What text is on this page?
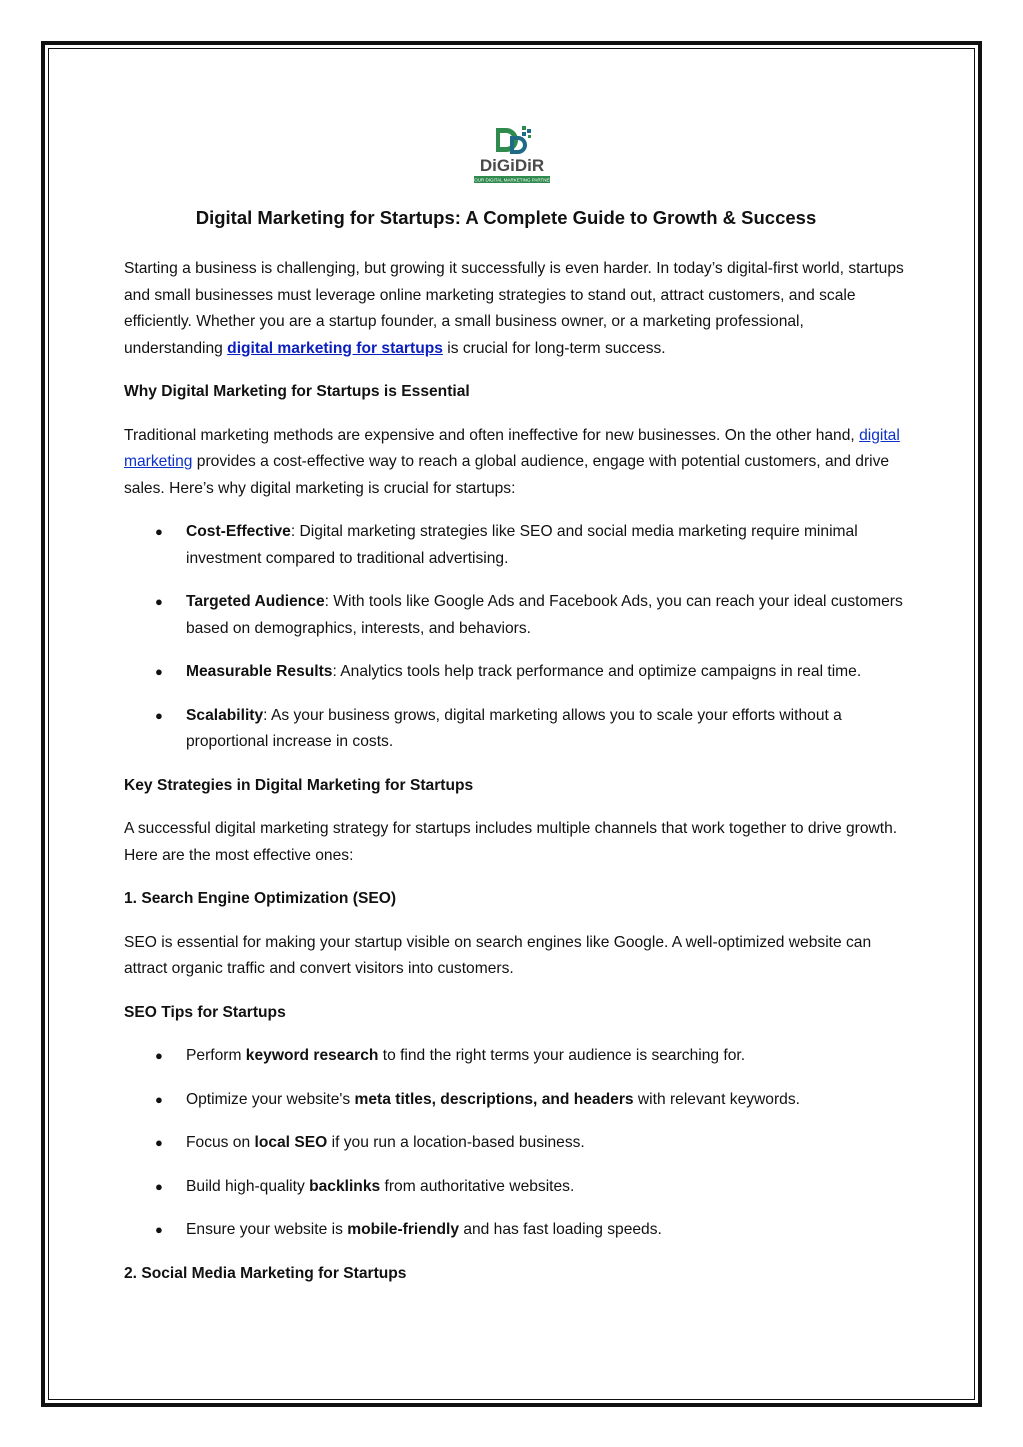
DiGiDiR
YOUR DIGITAL MARKETING PARTNER
Digital Marketing for Startups: A Complete Guide to Growth & Success

Starting a business is challenging, but growing it successfully is even harder. In today’s digital-first world, startups and small businesses must leverage online marketing strategies to stand out, attract customers, and scale efficiently. Whether you are a startup founder, a small business owner, or a marketing professional, understanding digital marketing for startups is crucial for long-term success.

Why Digital Marketing for Startups is Essential

Traditional marketing methods are expensive and often ineffective for new businesses. On the other hand, digital marketing provides a cost-effective way to reach a global audience, engage with potential customers, and drive sales. Here’s why digital marketing is crucial for startups:

● Cost-Effective: Digital marketing strategies like SEO and social media marketing require minimal investment compared to traditional advertising.
● Targeted Audience: With tools like Google Ads and Facebook Ads, you can reach your ideal customers based on demographics, interests, and behaviors.
● Measurable Results: Analytics tools help track performance and optimize campaigns in real time.
● Scalability: As your business grows, digital marketing allows you to scale your efforts without a proportional increase in costs.
Key Strategies in Digital Marketing for Startups

A successful digital marketing strategy for startups includes multiple channels that work together to drive growth. Here are the most effective ones:

1. Search Engine Optimization (SEO)

SEO is essential for making your startup visible on search engines like Google. A well-optimized website can attract organic traffic and convert visitors into customers.

SEO Tips for Startups
● Perform keyword research to find the right terms your audience is searching for.
● Optimize your website's meta titles, descriptions, and headers with relevant keywords.
● Focus on local SEO if you run a location-based business.
● Build high-quality backlinks from authoritative websites.
● Ensure your website is mobile-friendly and has fast loading speeds.
2. Social Media Marketing for Startups
